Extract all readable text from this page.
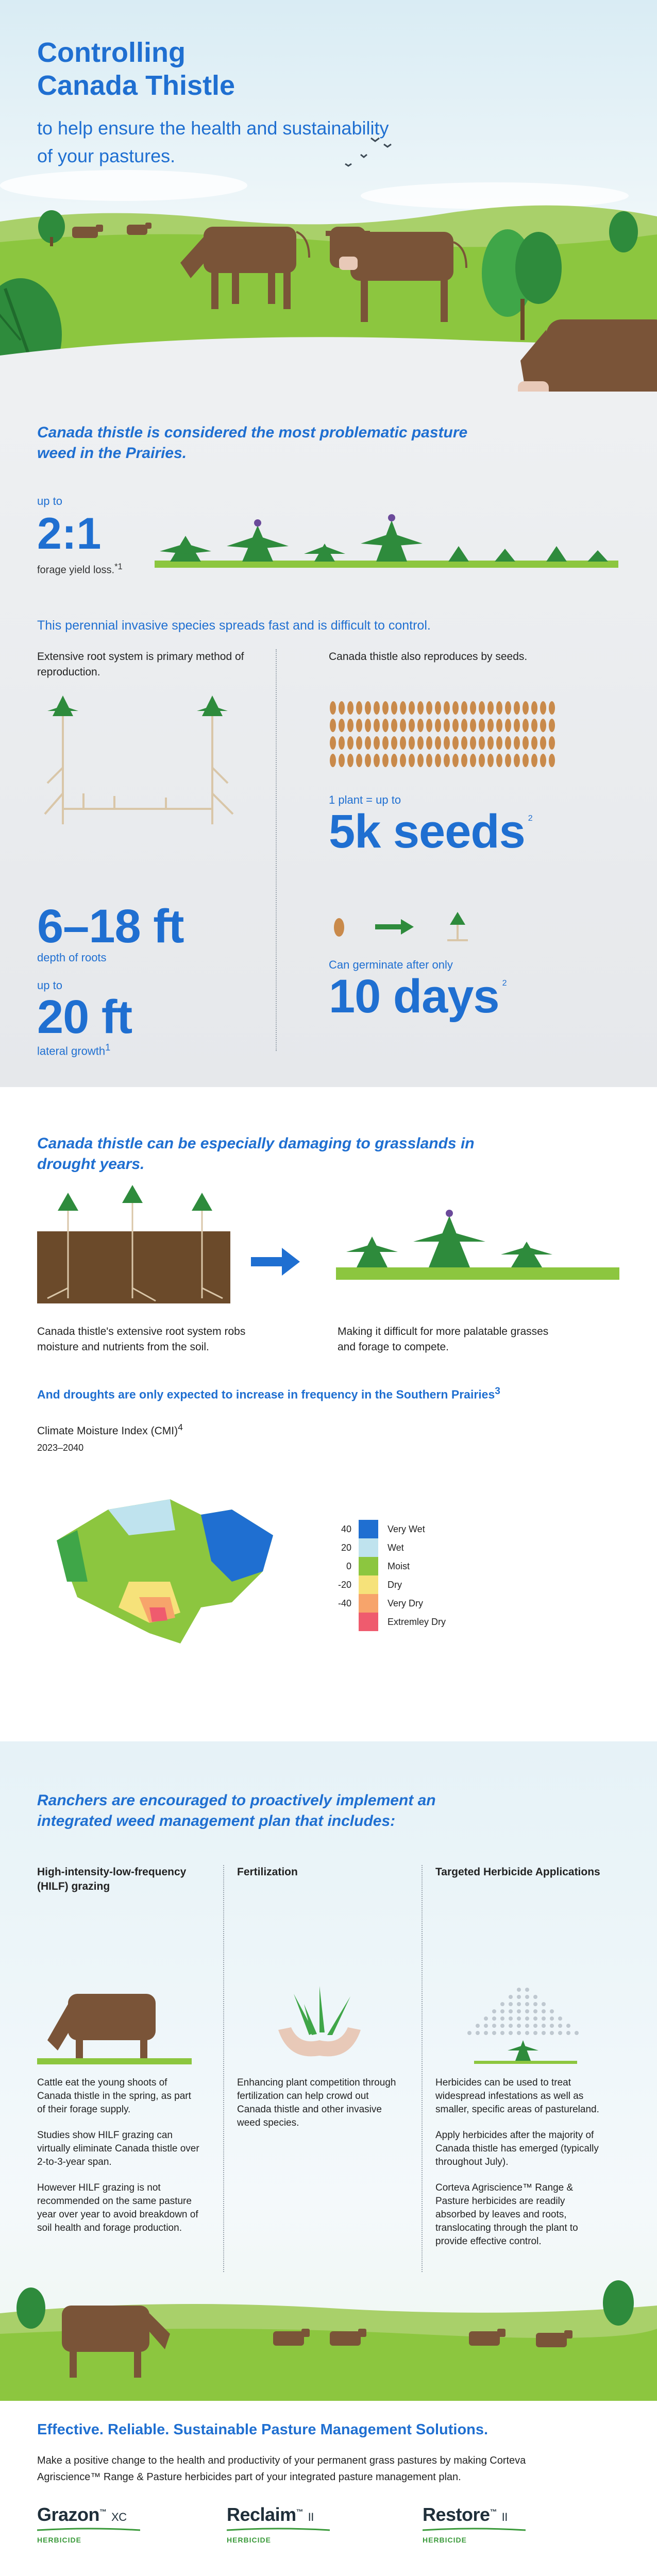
Controlling
Canada Thistle
to help ensure the health and sustainability of your pastures.
Canada thistle is considered the most problematic pasture weed in the Prairies.
up to
2:1
forage yield loss.$^{*1}$
This perennial invasive species spreads fast and is difficult to control.
Extensive root system is primary method of reproduction.
Canada thistle also reproduces by seeds.
6–18 ft
depth of roots
up to
20 ft
lateral growth$^1$
1 plant = up to
5k seeds 2
Can germinate after only
10 days 2
Canada thistle can be especially damaging to grasslands in drought years.
Canada thistle's extensive root system robs moisture and nutrients from the soil.
Making it difficult for more palatable grasses and forage to compete.
And droughts are only expected to increase in frequency in the Southern Prairies$^3$
Climate Moisture Index (CMI)$^4$
2023–2040
40	Very Wet
20	Wet
0	Moist
-20	Dry
-40	Very Dry
Extremley Dry
Ranchers are encouraged to proactively implement an integrated weed management plan that includes:
High-intensity-low-frequency (HILF) grazing
Fertilization	Targeted Herbicide Applications

Cattle eat the young shoots of Canada thistle in the spring, as part of their forage supply.

Studies show HILF grazing can virtually eliminate Canada thistle over 2-to-3-year span.

However HILF grazing is not recommended on the same pasture year over year to avoid breakdown of soil health and forage production.

Enhancing plant competition through fertilization can help crowd out Canada thistle and other invasive weed species.

Herbicides can be used to treat widespread infestations as well as smaller, specific areas of pastureland.

Apply herbicides after the majority of Canada thistle has emerged (typically throughout July).

Corteva Agriscience™ Range & Pasture herbicides are readily absorbed by leaves and roots, translocating through the plant to provide effective control.

Effective. Reliable. Sustainable Pasture Management Solutions.
Make a positive change to the health and productivity of your permanent grass pastures by making Corteva Agriscience™ Range & Pasture herbicides part of your integrated pasture management plan.
Grazon™ XC
HERBICIDE
Reclaim™ II
HERBICIDE
Restore™ II
HERBICIDE
